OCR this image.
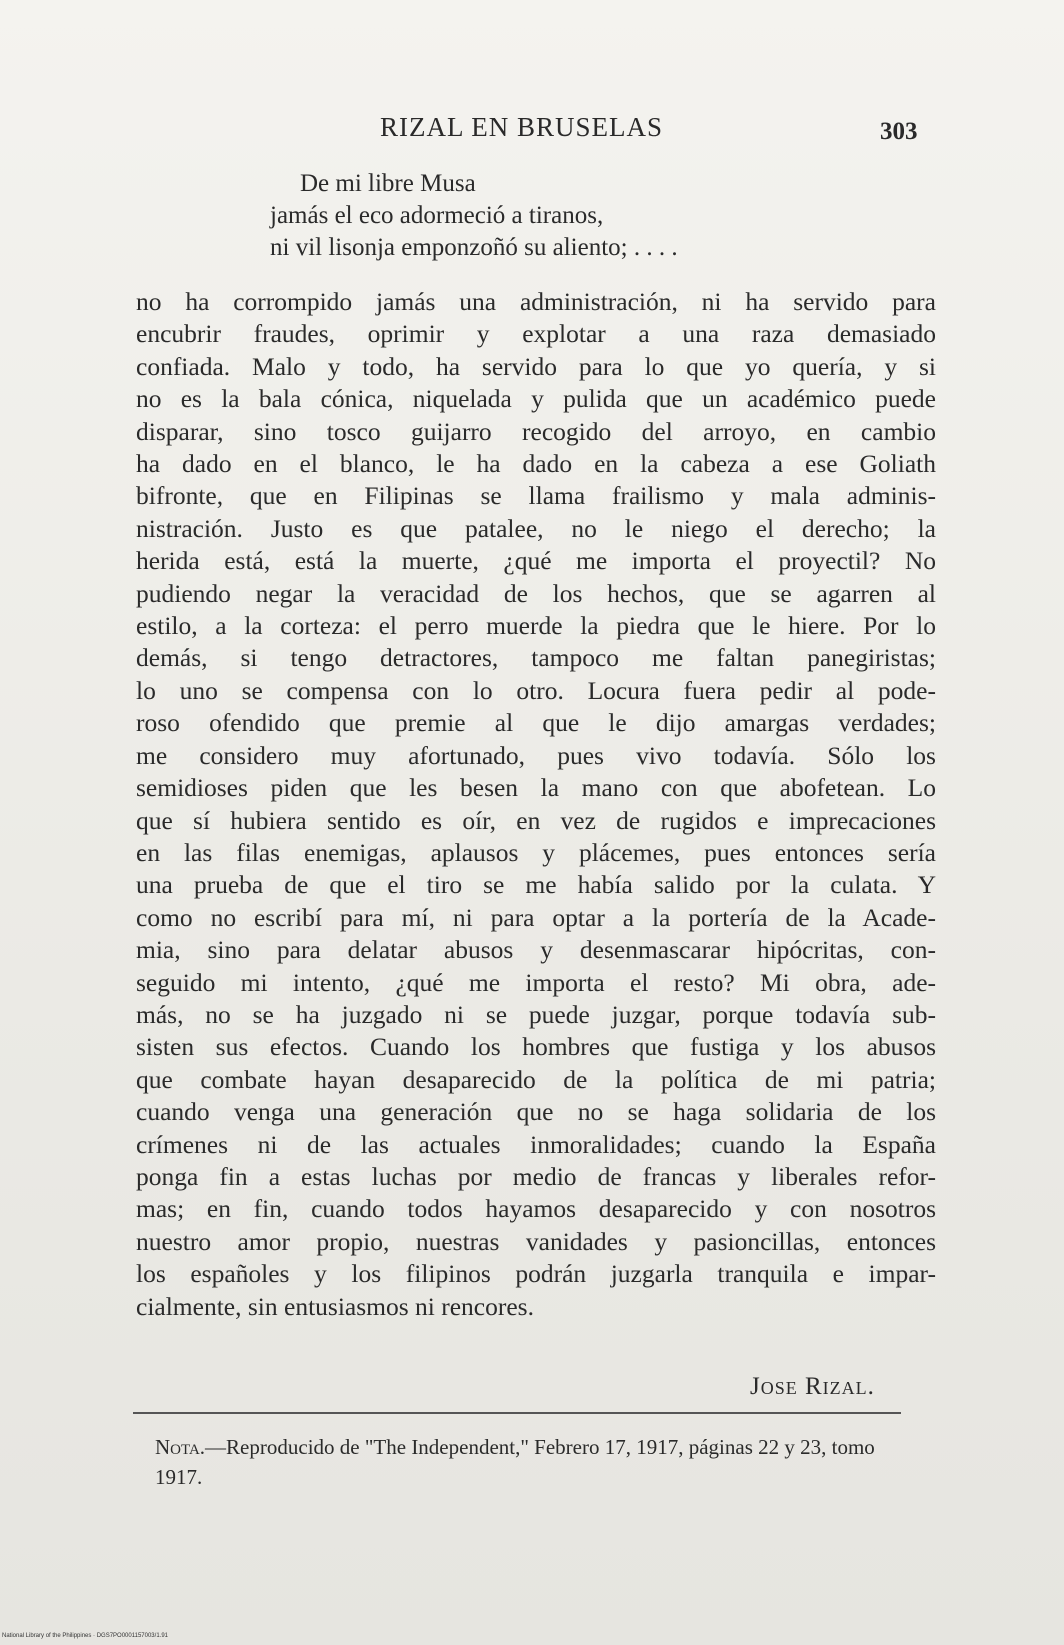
RIZAL EN BRUSELAS	303
De mi libre Musa
jamás el eco adormeció a tiranos,
ni vil lisonja emponzoñó su aliento; . . . .
no ha corrompido jamás una administración, ni ha servido para
encubrir fraudes, oprimir y explotar a una raza demasiado
confiada. Malo y todo, ha servido para lo que yo quería, y si
no es la bala cónica, niquelada y pulida que un académico puede
disparar, sino tosco guijarro recogido del arroyo, en cambio
ha dado en el blanco, le ha dado en la cabeza a ese Goliath
bifronte, que en Filipinas se llama frailismo y mala adminis-
nistración. Justo es que patalee, no le niego el derecho; la
herida está, está la muerte, ¿qué me importa el proyectil? No
pudiendo negar la veracidad de los hechos, que se agarren al
estilo, a la corteza: el perro muerde la piedra que le hiere. Por lo
demás, si tengo detractores, tampoco me faltan panegiristas;
lo uno se compensa con lo otro. Locura fuera pedir al pode-
roso ofendido que premie al que le dijo amargas verdades;
me considero muy afortunado, pues vivo todavía. Sólo los
semidioses piden que les besen la mano con que abofetean. Lo
que sí hubiera sentido es oír, en vez de rugidos e imprecaciones
en las filas enemigas, aplausos y plácemes, pues entonces sería
una prueba de que el tiro se me había salido por la culata. Y
como no escribí para mí, ni para optar a la portería de la Acade-
mia, sino para delatar abusos y desenmascarar hipócritas, con-
seguido mi intento, ¿qué me importa el resto? Mi obra, ade-
más, no se ha juzgado ni se puede juzgar, porque todavía sub-
sisten sus efectos. Cuando los hombres que fustiga y los abusos
que combate hayan desaparecido de la política de mi patria;
cuando venga una generación que no se haga solidaria de los
crímenes ni de las actuales inmoralidades; cuando la España
ponga fin a estas luchas por medio de francas y liberales refor-
mas; en fin, cuando todos hayamos desaparecido y con nosotros
nuestro amor propio, nuestras vanidades y pasioncillas, entonces
los españoles y los filipinos podrán juzgarla tranquila e impar-
cialmente, sin entusiasmos ni rencores.
Jose Rizal.
Nota.—Reproducido de "The Independent," Febrero 17, 1917, páginas 22 y 23, tomo 1917.
National Library of the Philippines · DGS7PO0001157003/1.91
